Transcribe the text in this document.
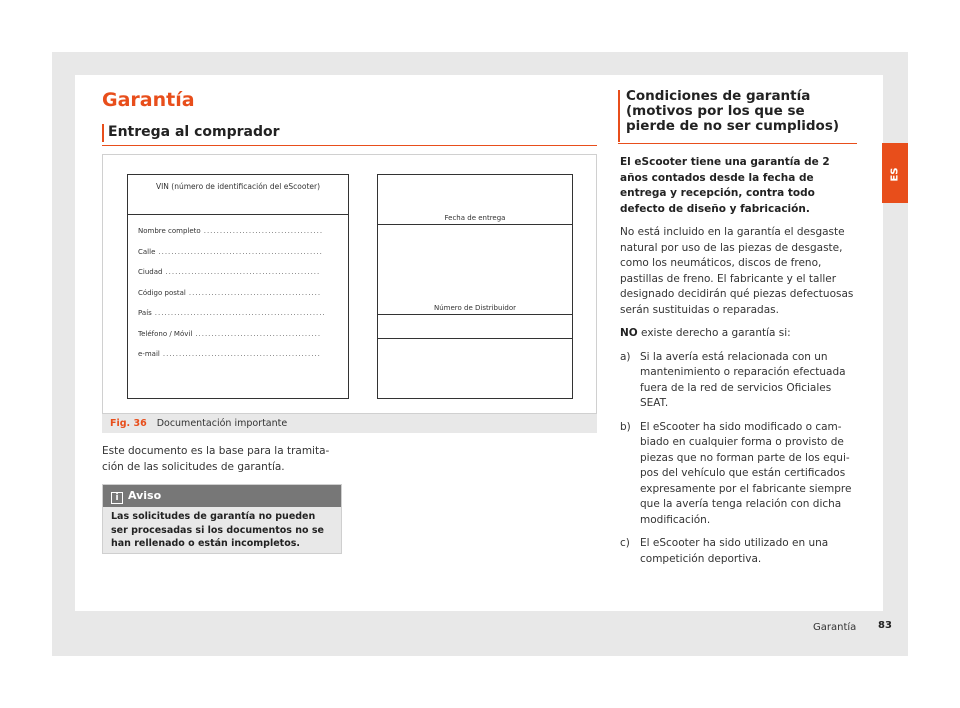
Garantía
Entrega al comprador
VIN (número de identificación del eScooter)
Nombre completo .....................................
Calle ...................................................
Ciudad ................................................
Código postal .........................................
País .....................................................
Teléfono / Móvil .......................................
e-mail .................................................
Fecha de entrega
Número de Distribuidor
Fig. 36 Documentación importante

Este documento es la base para la tramita-ción de las solicitudes de garantía.

i Aviso
Las solicitudes de garantía no pueden ser procesadas si los documentos no se han rellenado o están incompletos.
Condiciones de garantía (motivos por los que se pierde de no ser cumplidos)

El eScooter tiene una garantía de 2 años contados desde la fecha de entrega y recepción, contra todo defecto de diseño y fabricación.

No está incluido en la garantía el desgaste natural por uso de las piezas de desgaste, como los neumáticos, discos de freno, pastillas de freno. El fabricante y el taller designado decidirán qué piezas defectuosas serán sustituidas o reparadas.

NO existe derecho a garantía si:

a) Si la avería está relacionada con un mantenimiento o reparación efectuada fuera de la red de servicios Oficiales SEAT.
b) El eScooter ha sido modificado o cam-biado en cualquier forma o provisto de piezas que no forman parte de los equi-pos del vehículo que están certificados expresamente por el fabricante siempre que la avería tenga relación con dicha modificación.
c) El eScooter ha sido utilizado en una competición deportiva.
ES
Garantía 83
